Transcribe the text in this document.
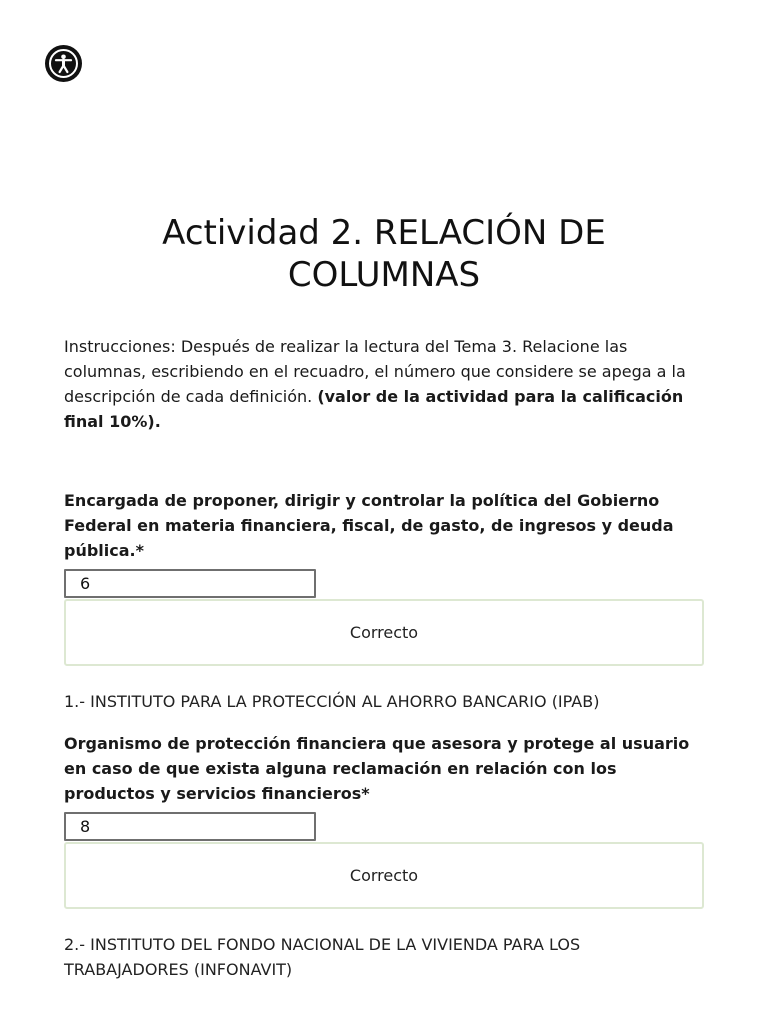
Actividad 2. RELACIÓN DE COLUMNAS

Instrucciones: Después de realizar la lectura del Tema 3. Relacione las columnas, escribiendo en el recuadro, el número que considere se apega a la descripción de cada definición. (valor de la actividad para la calificación final 10%).

Encargada de proponer, dirigir y controlar la política del Gobierno Federal en materia financiera, fiscal, de gasto, de ingresos y deuda pública.*

6
Correcto

1.- INSTITUTO PARA LA PROTECCIÓN AL AHORRO BANCARIO (IPAB)

Organismo de protección financiera que asesora y protege al usuario en caso de que exista alguna reclamación en relación con los productos y servicios financieros*

8
Correcto

2.- INSTITUTO DEL FONDO NACIONAL DE LA VIVIENDA PARA LOS TRABAJADORES (INFONAVIT)
